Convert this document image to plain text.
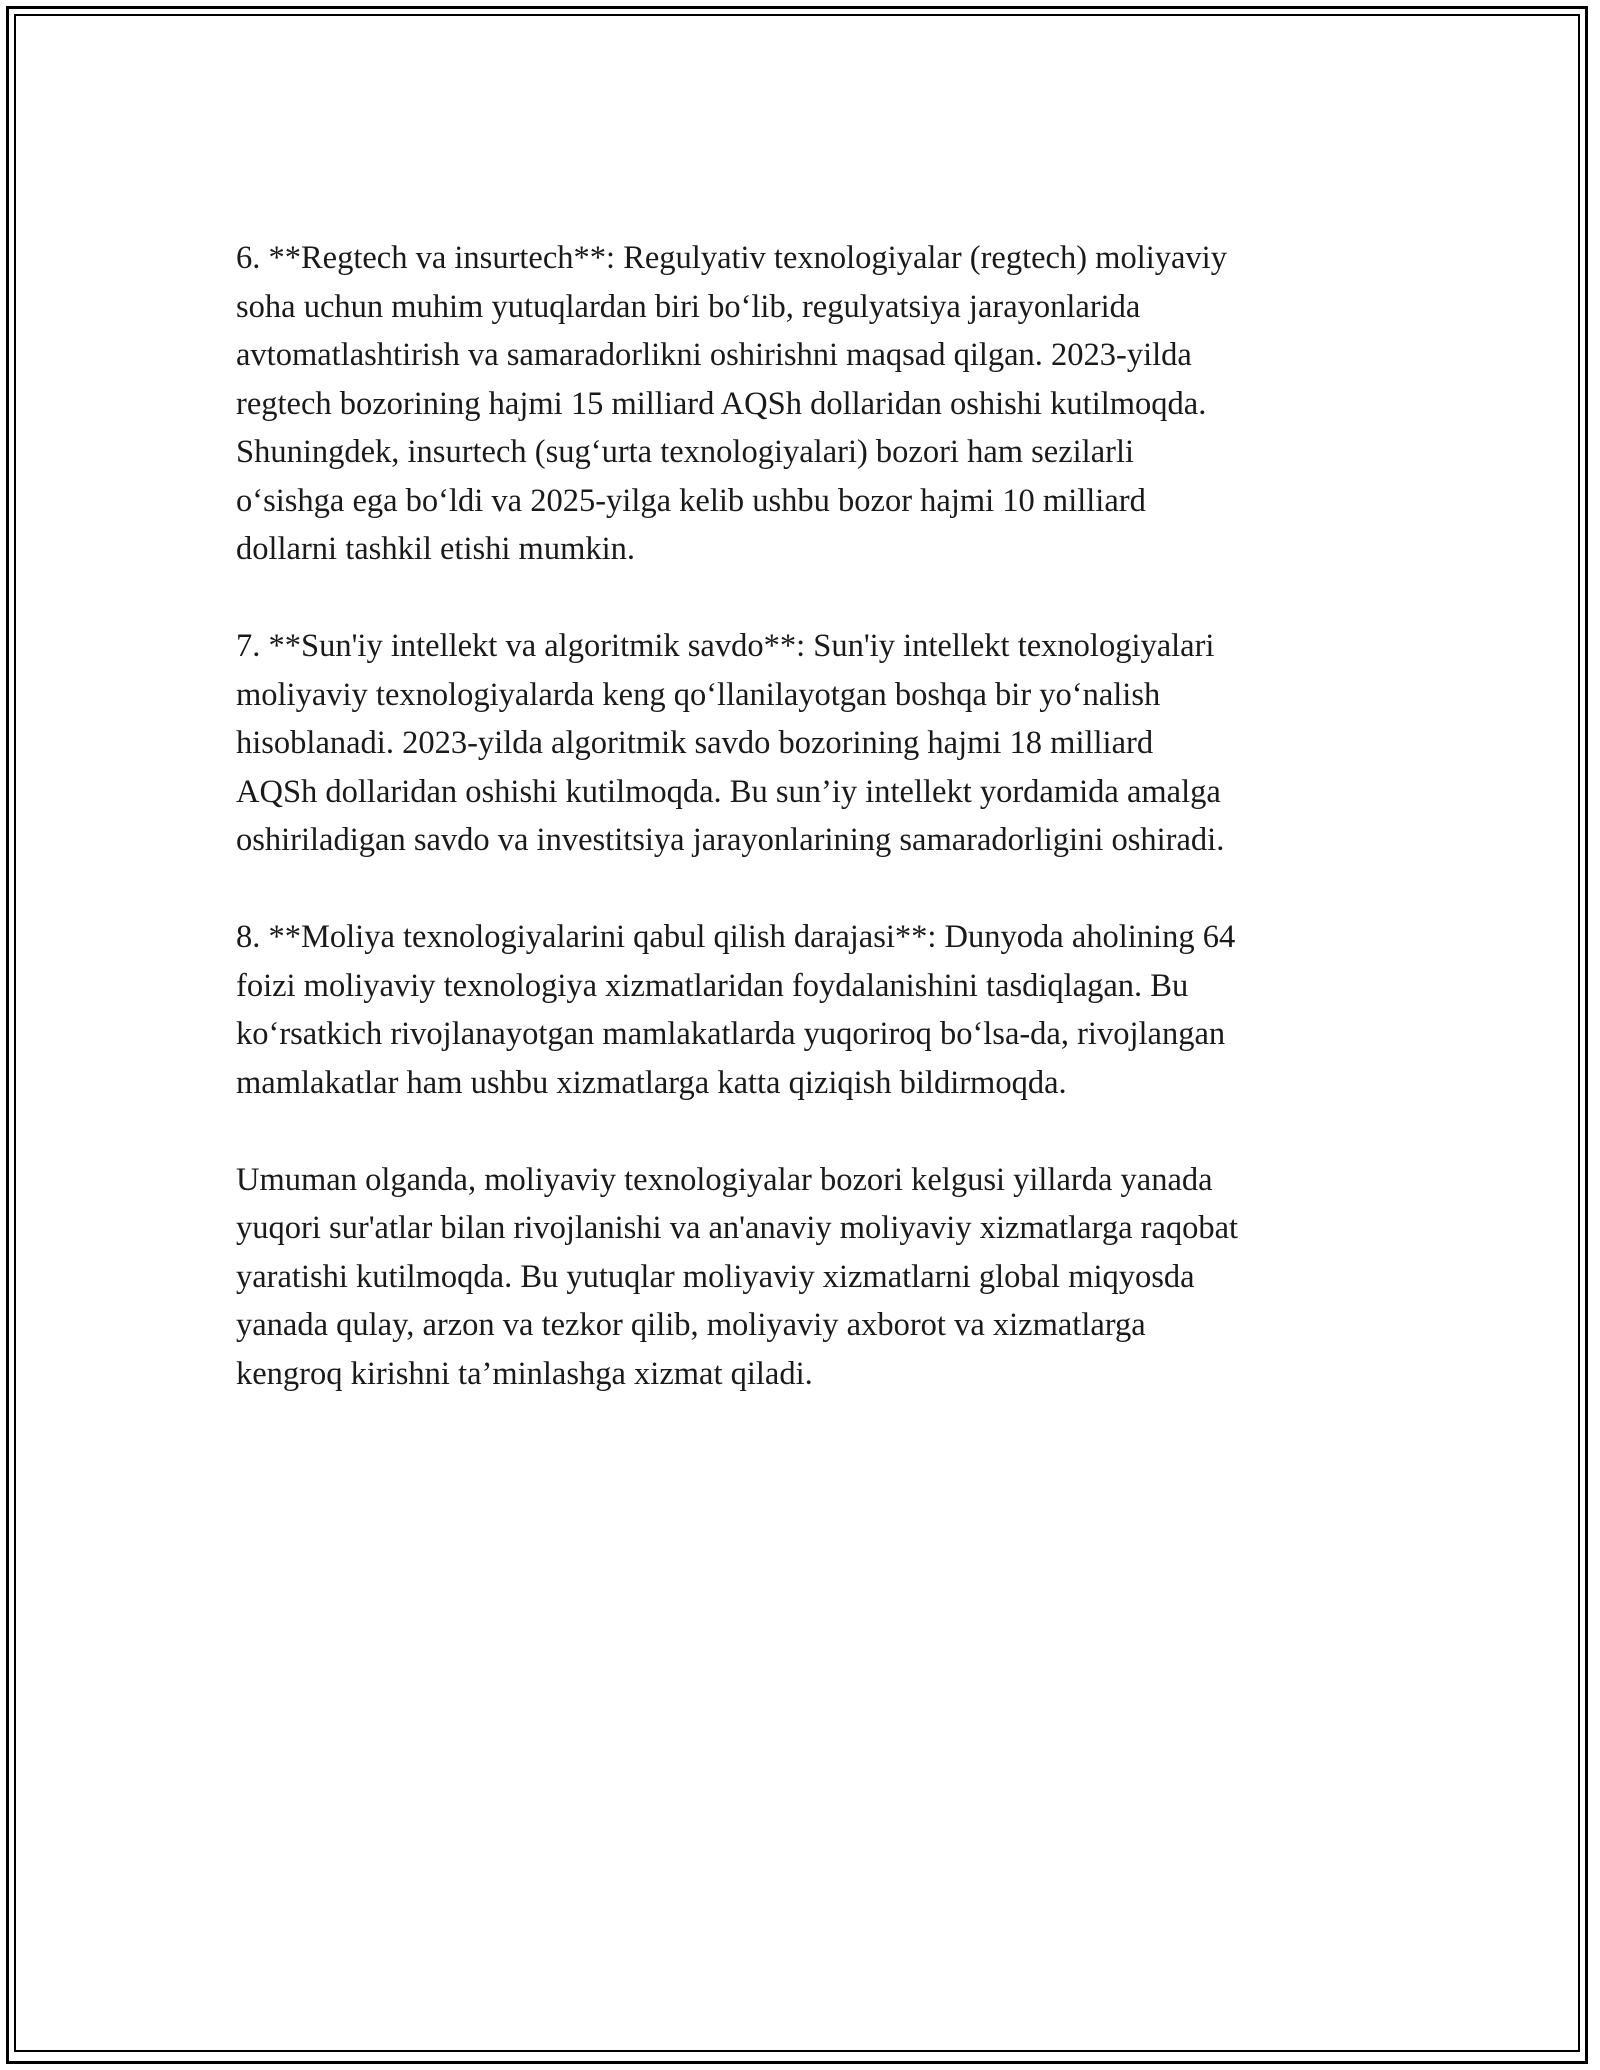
6. **Regtech va insurtech**: Regulyativ texnologiyalar (regtech) moliyaviy
soha uchun muhim yutuqlardan biri bo‘lib, regulyatsiya jarayonlarida
avtomatlashtirish va samaradorlikni oshirishni maqsad qilgan. 2023-yilda
regtech bozorining hajmi 15 milliard AQSh dollaridan oshishi kutilmoqda.
Shuningdek, insurtech (sug‘urta texnologiyalari) bozori ham sezilarli
o‘sishga ega bo‘ldi va 2025-yilga kelib ushbu bozor hajmi 10 milliard
dollarni tashkil etishi mumkin.

7. **Sun'iy intellekt va algoritmik savdo**: Sun'iy intellekt texnologiyalari
moliyaviy texnologiyalarda keng qo‘llanilayotgan boshqa bir yo‘nalish
hisoblanadi. 2023-yilda algoritmik savdo bozorining hajmi 18 milliard
AQSh dollaridan oshishi kutilmoqda. Bu sun’iy intellekt yordamida amalga
oshiriladigan savdo va investitsiya jarayonlarining samaradorligini oshiradi.

8. **Moliya texnologiyalarini qabul qilish darajasi**: Dunyoda aholining 64
foizi moliyaviy texnologiya xizmatlaridan foydalanishini tasdiqlagan. Bu
ko‘rsatkich rivojlanayotgan mamlakatlarda yuqoriroq bo‘lsa-da, rivojlangan
mamlakatlar ham ushbu xizmatlarga katta qiziqish bildirmoqda.

Umuman olganda, moliyaviy texnologiyalar bozori kelgusi yillarda yanada
yuqori sur'atlar bilan rivojlanishi va an'anaviy moliyaviy xizmatlarga raqobat
yaratishi kutilmoqda. Bu yutuqlar moliyaviy xizmatlarni global miqyosda
yanada qulay, arzon va tezkor qilib, moliyaviy axborot va xizmatlarga
kengroq kirishni ta’minlashga xizmat qiladi.
